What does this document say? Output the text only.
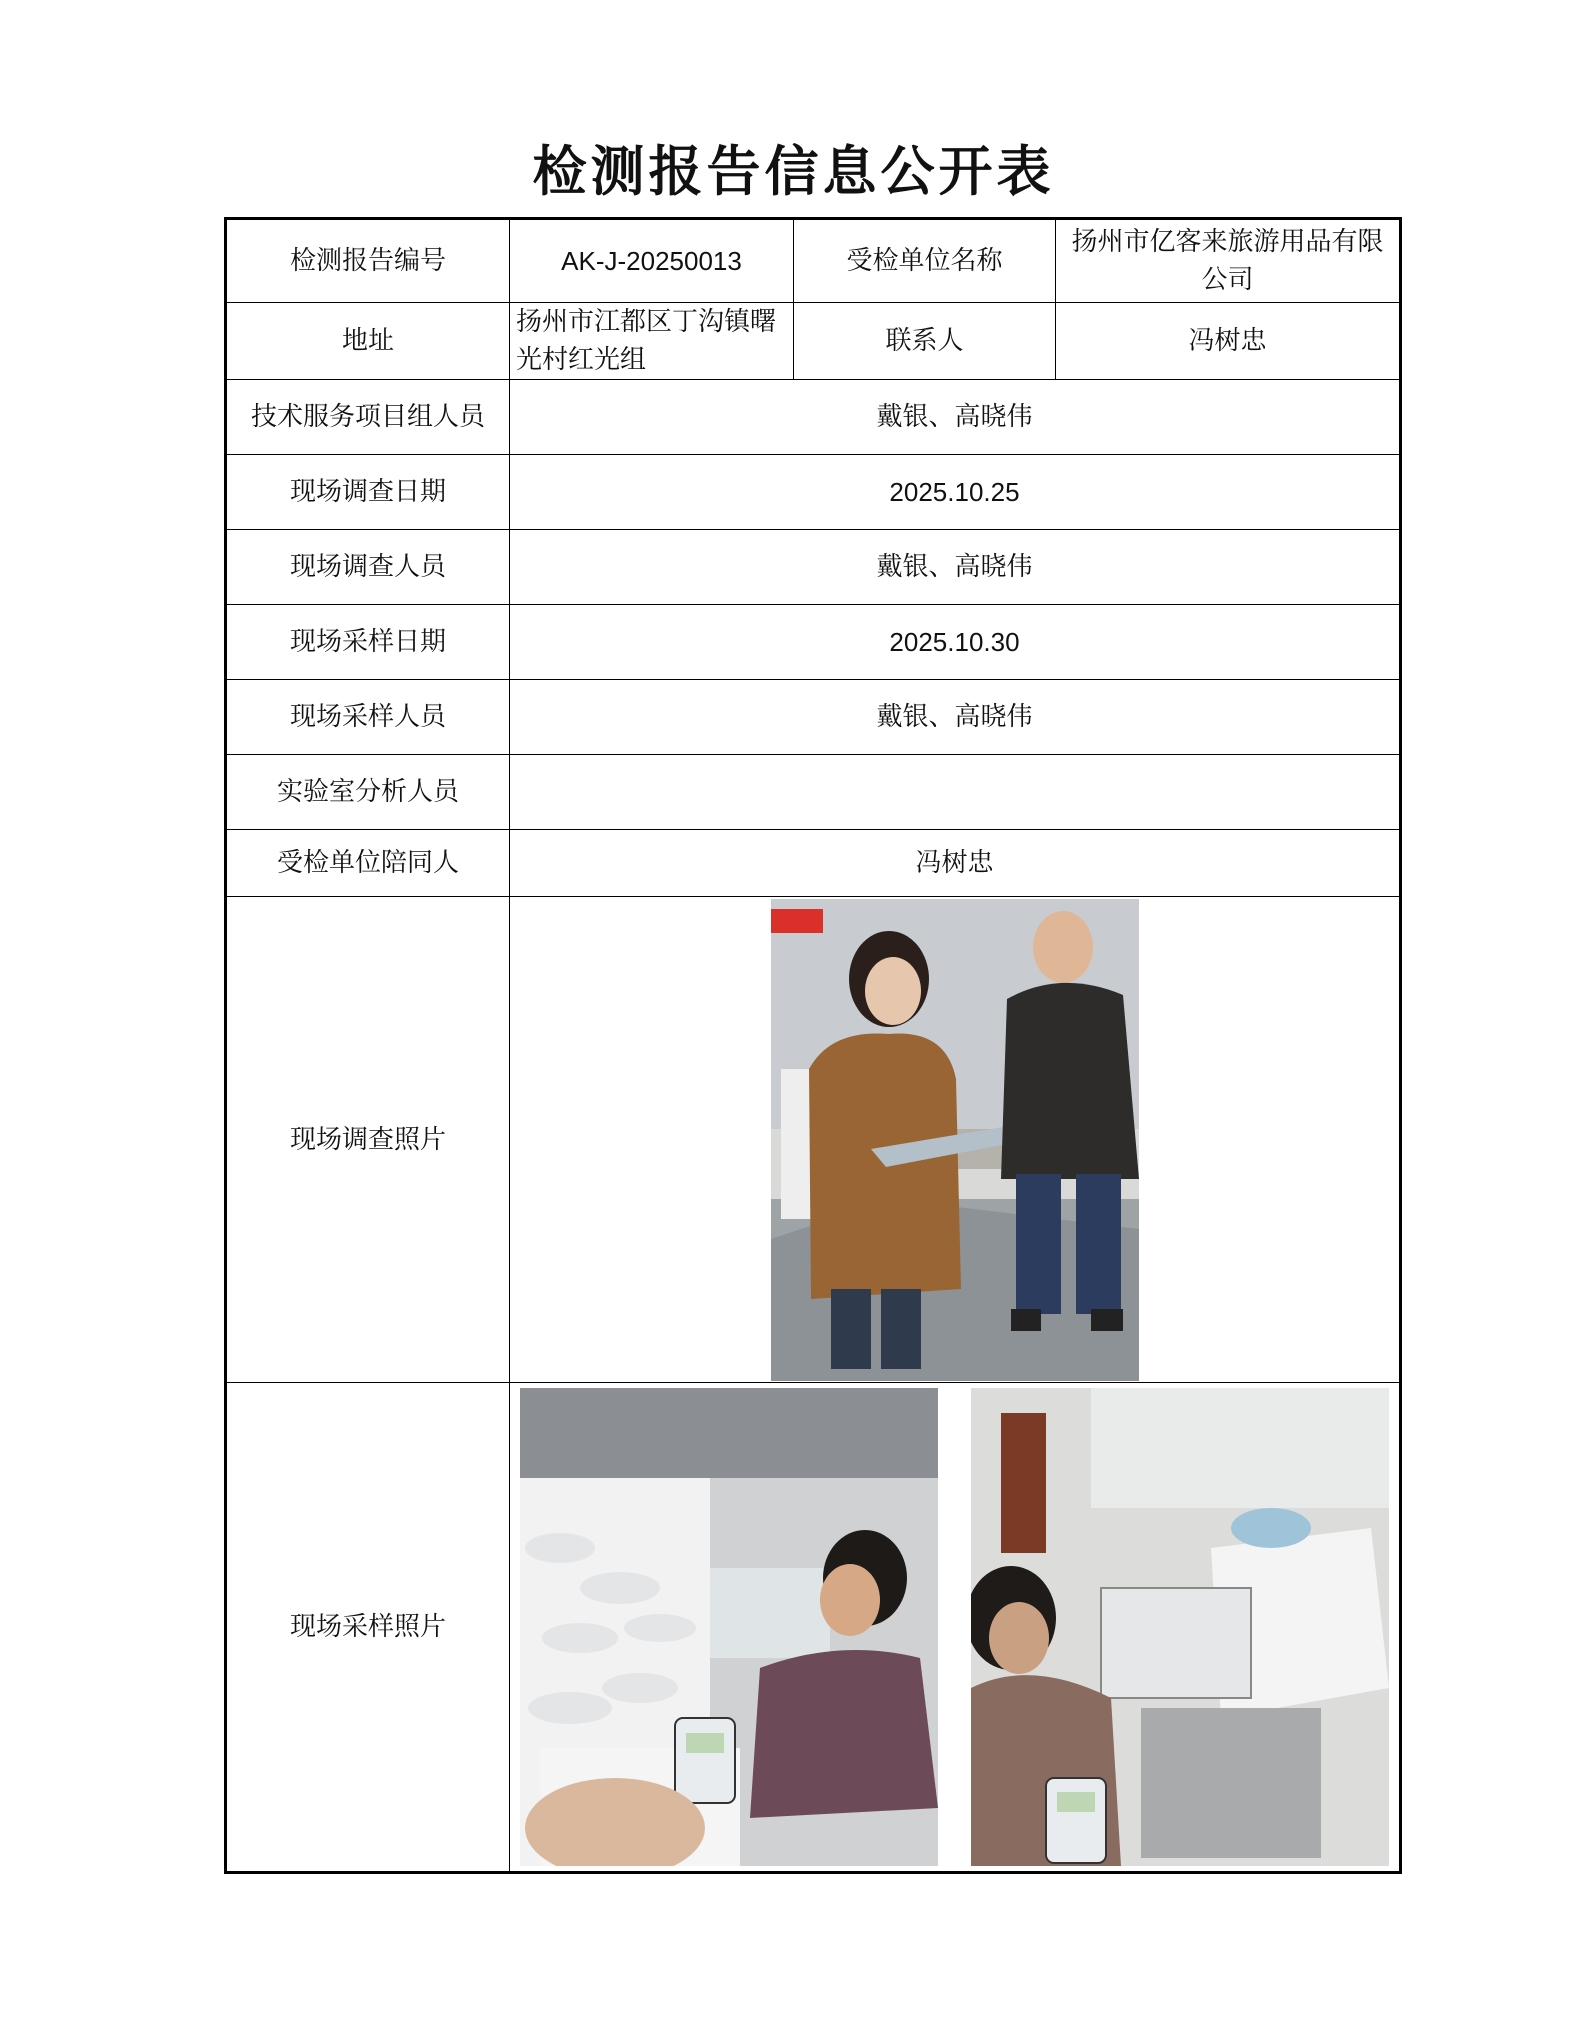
检测报告信息公开表
检测报告编号	AK-J-20250013	受检单位名称	扬州市亿客来旅游用品有限公司
地址	扬州市江都区丁沟镇曙光村红光组	联系人	冯树忠
技术服务项目组人员	戴银、高晓伟		
现场调查日期	2025.10.25		
现场调查人员	戴银、高晓伟		
现场采样日期	2025.10.30		
现场采样人员	戴银、高晓伟		
实验室分析人员			
受检单位陪同人	冯树忠		
现场调查照片	

现场采样照片	
